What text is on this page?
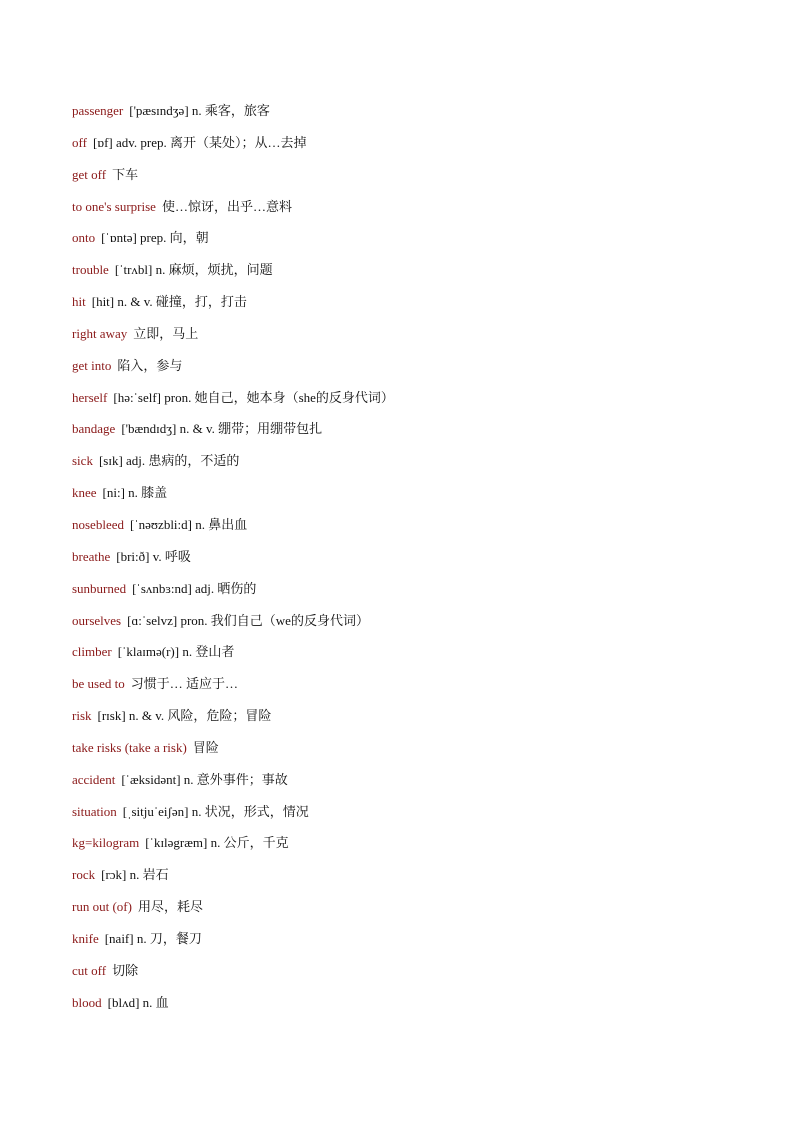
passenger ['pæsɪndʒə] n. 乘客，旅客
off [ɒf] adv. prep. 离开（某处）；从…去掉
get off 下车
to one's surprise 使…惊讶，出乎…意料
onto [ˈɒntə] prep. 向，朝
trouble [ˈtrʌbl] n. 麻烦，烦扰，问题
hit [hit] n. & v. 碰撞，打，打击
right away 立即，马上
get into 陷入，参与
herself [hə:ˈself] pron. 她自己，她本身（she的反身代词）
bandage ['bændɪdʒ] n. & v. 绷带；用绷带包扎
sick [sɪk] adj. 患病的，不适的
knee [ni:] n. 膝盖
nosebleed [ˈnəʊzbli:d] n. 鼻出血
breathe [bri:ð] v. 呼吸
sunburned [ˈsʌnbɜ:nd] adj. 晒伤的
ourselves [ɑ:ˈselvz] pron. 我们自己（we的反身代词）
climber [ˈklaɪmə(r)] n. 登山者
be used to 习惯于… 适应于…
risk [rɪsk] n. & v. 风险，危险；冒险
take risks (take a risk) 冒险
accident [ˈæksidənt] n. 意外事件；事故
situation [ˌsitjuˈeiʃən] n. 状况，形式，情况
kg=kilogram [ˈkɪləgræm] n. 公斤，千克
rock [rɔk] n. 岩石
run out (of) 用尽，耗尽
knife [naif] n. 刀，餐刀
cut off 切除
blood [blʌd] n. 血
